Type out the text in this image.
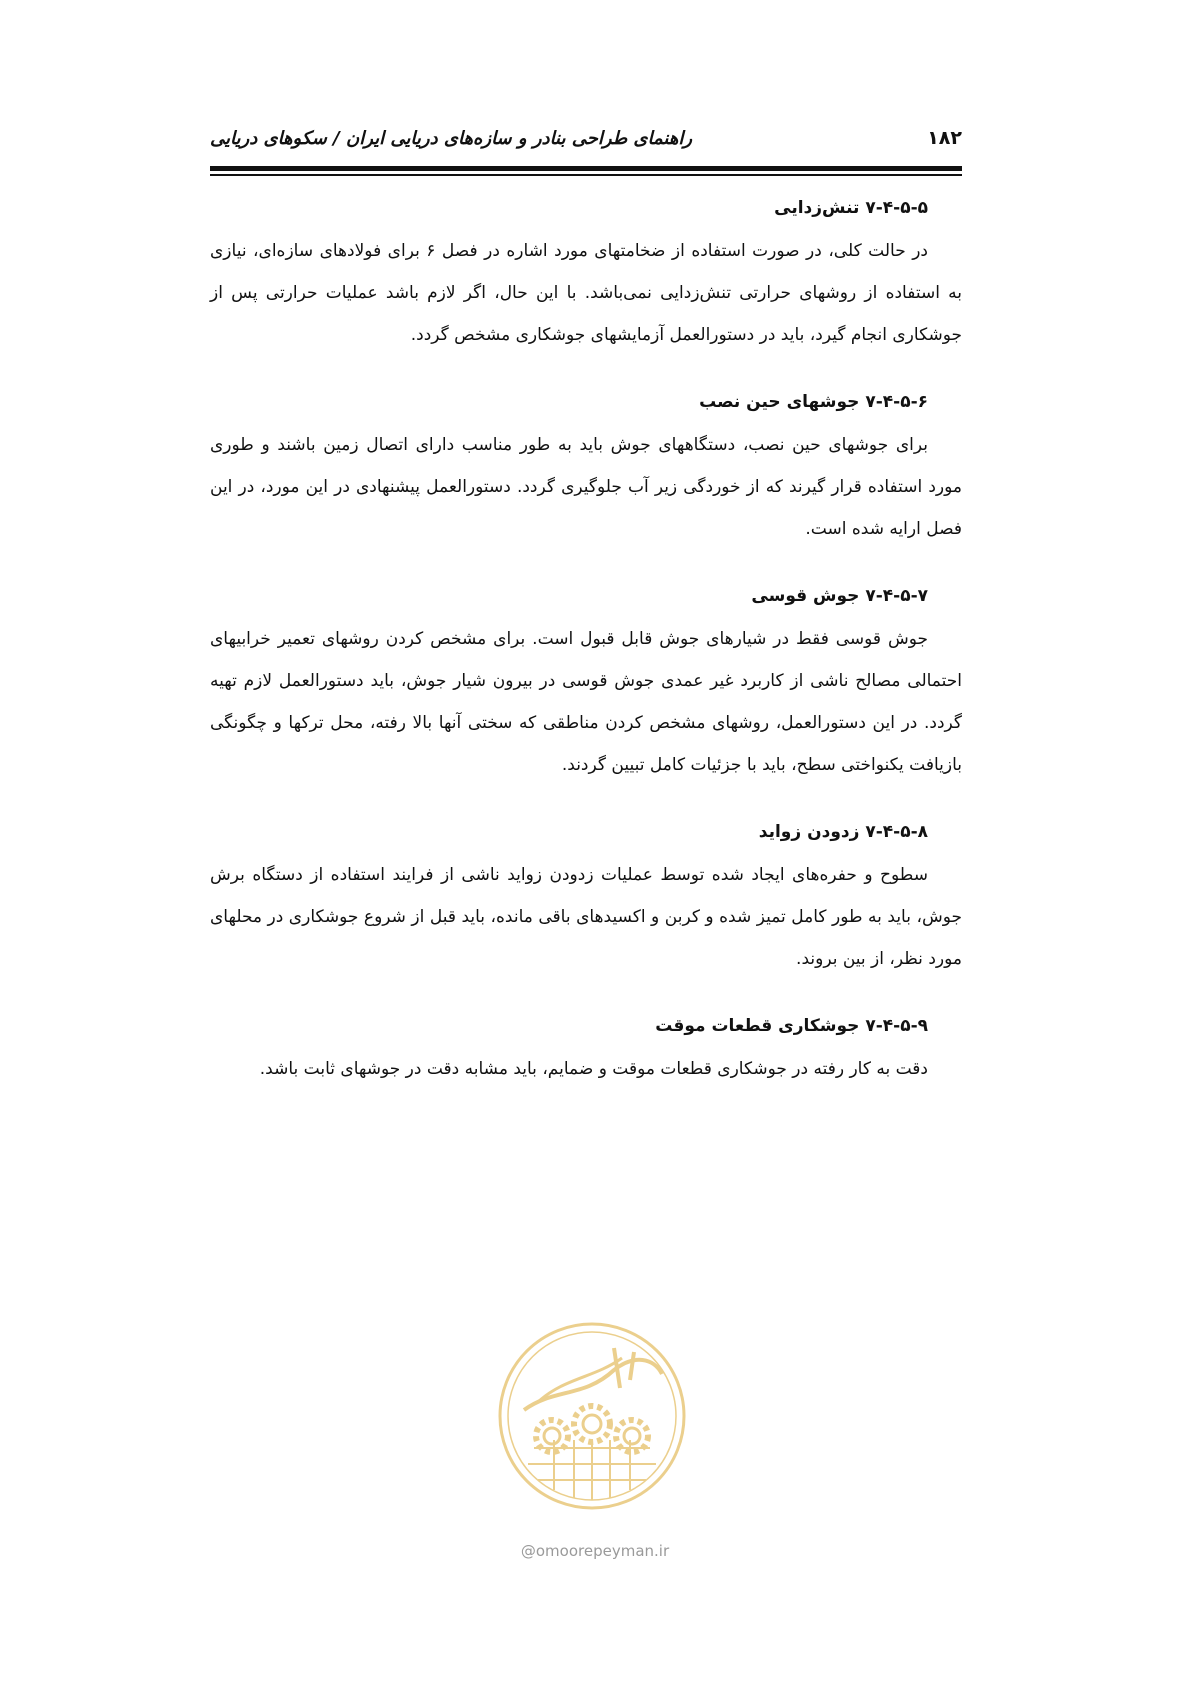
۱۸۲
راهنمای طراحی بنادر و سازه‌های دریایی ایران / سکوهای دریایی
۷-۴-۵-۵ تنش‌زدایی

در حالت کلی، در صورت استفاده از ضخامتهای مورد اشاره در فصل ۶ برای فولادهای سازه‌ای، نیازی به استفاده از روشهای حرارتی تنش‌زدایی نمی‌باشد. با این حال، اگر لازم باشد عملیات حرارتی پس از جوشکاری انجام گیرد، باید در دستورالعمل آزمایشهای جوشکاری مشخص گردد.

۷-۴-۵-۶ جوشهای حین نصب

برای جوشهای حین نصب، دستگاههای جوش باید به طور مناسب دارای اتصال زمین باشند و طوری مورد استفاده قرار گیرند که از خوردگی زیر آب جلوگیری گردد. دستورالعمل پیشنهادی در این مورد، در این فصل ارایه شده است.

۷-۴-۵-۷ جوش قوسی

جوش قوسی فقط در شیارهای جوش قابل قبول است. برای مشخص کردن روشهای تعمیر خرابیهای احتمالی مصالح ناشی از کاربرد غیر عمدی جوش قوسی در بیرون شیار جوش، باید دستورالعمل لازم تهیه گردد. در این دستورالعمل، روشهای مشخص کردن مناطقی که سختی آنها بالا رفته، محل ترکها و چگونگی بازیافت یکنواختی سطح، باید با جزئیات کامل تبیین گردند.

۷-۴-۵-۸ زدودن زواید

سطوح و حفره‌های ایجاد شده توسط عملیات زدودن زواید ناشی از فرایند استفاده از دستگاه برش جوش، باید به طور کامل تمیز شده و کربن و اکسیدهای باقی مانده، باید قبل از شروع جوشکاری در محلهای مورد نظر، از بین بروند.

۷-۴-۵-۹ جوشکاری قطعات موقت

دقت به کار رفته در جوشکاری قطعات موقت و ضمایم، باید مشابه دقت در جوشهای ثابت باشد.

@omoorepeyman.ir
